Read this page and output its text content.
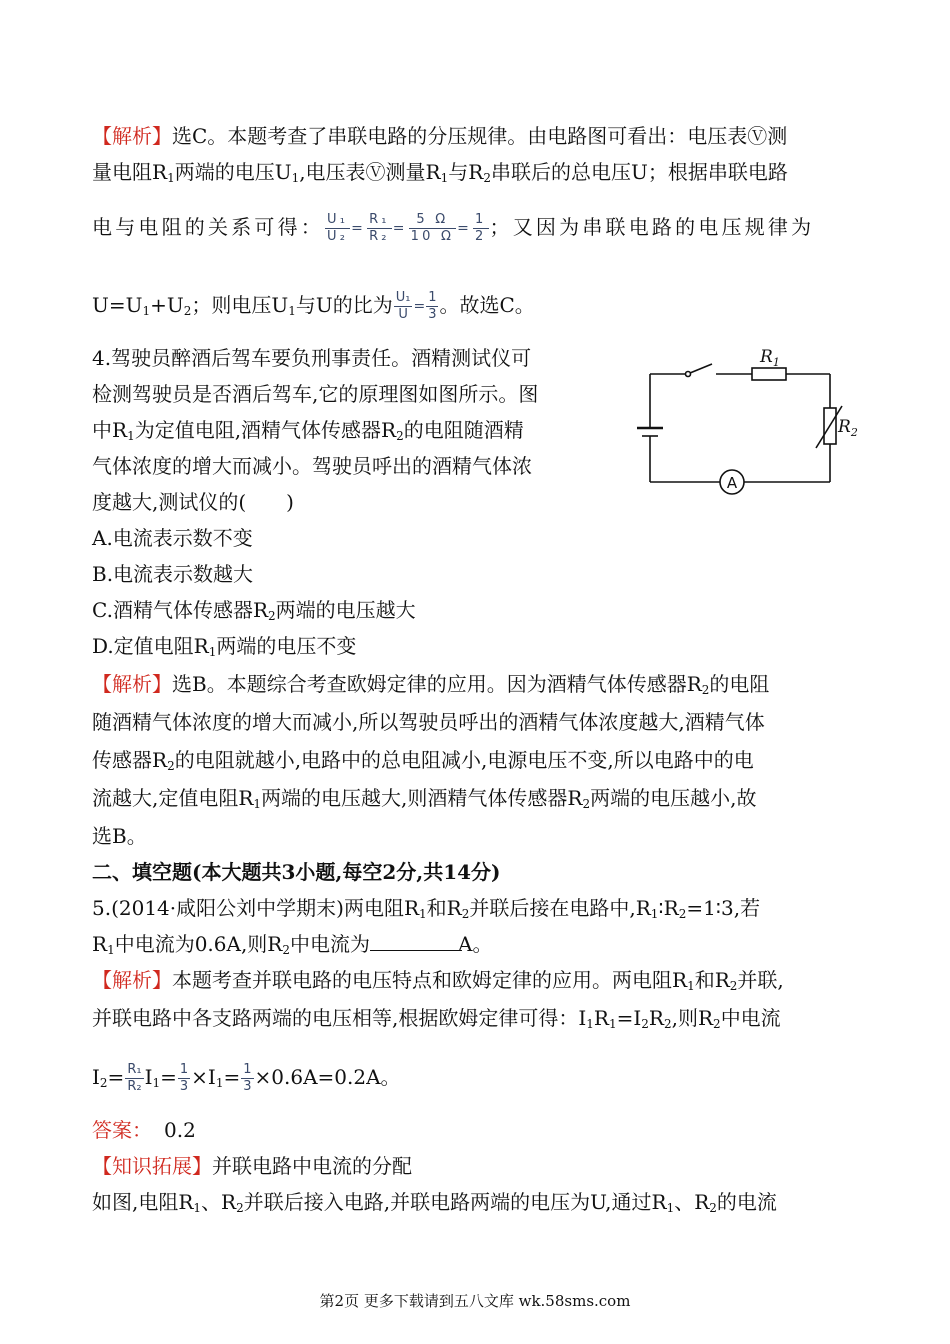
【解析】选C。本题考查了串联电路的分压规律。由电路图可看出：电压表Ⓥ测
量电阻$R_1$两端的电压$U_1$,电压表Ⓥ测量$R_1$与$R_2$串联后的总电压U；根据串联电路
电与电阻的关系可得： $\frac{\text{U₁}}{\text{U₂}} = \frac{\text{R₁}}{\text{R₂}} = \frac{5 \Omega}{10 \Omega} = \frac{1}{2}$ ；又因为串联电路的电压规律为
$U=U_1+U_2$；则电压$U_1$与U的比为 $\frac{\text{U₁}}{U} = \frac{1}{3}$ 。故选C。
4.驾驶员醉酒后驾车要负刑事责任。酒精测试仪可
检测驾驶员是否酒后驾车,它的原理图如图所示。图
中$R_1$为定值电阻,酒精气体传感器$R_2$的电阻随酒精
气体浓度的增大而减小。驾驶员呼出的酒精气体浓
度越大,测试仪的(　　)
A.电流表示数不变
B.电流表示数越大
C.酒精气体传感器$R_2$两端的电压越大
D.定值电阻$R_1$两端的电压不变
$R_1$
$R_2$
A
【解析】选B。本题综合考查欧姆定律的应用。因为酒精气体传感器$R_2$的电阻
随酒精气体浓度的增大而减小,所以驾驶员呼出的酒精气体浓度越大,酒精气体
传感器$R_2$的电阻就越小,电路中的总电阻减小,电源电压不变,所以电路中的电
流越大,定值电阻$R_1$两端的电压越大,则酒精气体传感器$R_2$两端的电压越小,故
选B。
二、填空题(本大题共3小题,每空2分,共14分)
5.(2014·咸阳公刘中学期末)两电阻$R_1$和$R_2$并联后接在电路中$,R_1∶R_2=1∶3$,若
$R_1$中电流为0.6A,则$R_2$中电流为	A。
【解析】本题考查并联电路的电压特点和欧姆定律的应用。两电阻$R_1$和$R_2$并联,
并联电路中各支路两端的电压相等,根据欧姆定律可得：$I_1R_1=I_2R_2$,则$R_2$中电流
$I_2= \frac{\text{R₁}}{\text{R₂}} I_1= \frac{1}{3} \times I_1= \frac{1}{3} \times 0.6A=0.2A$。
答案： 0.2
【知识拓展】并联电路中电流的分配
如图,电阻$R_1$、$R_2$并联后接入电路,并联电路两端的电压为U,通过$R_1$、$R_2$的电流
第2页 更多下载请到五八文库 wk.58sms.com
